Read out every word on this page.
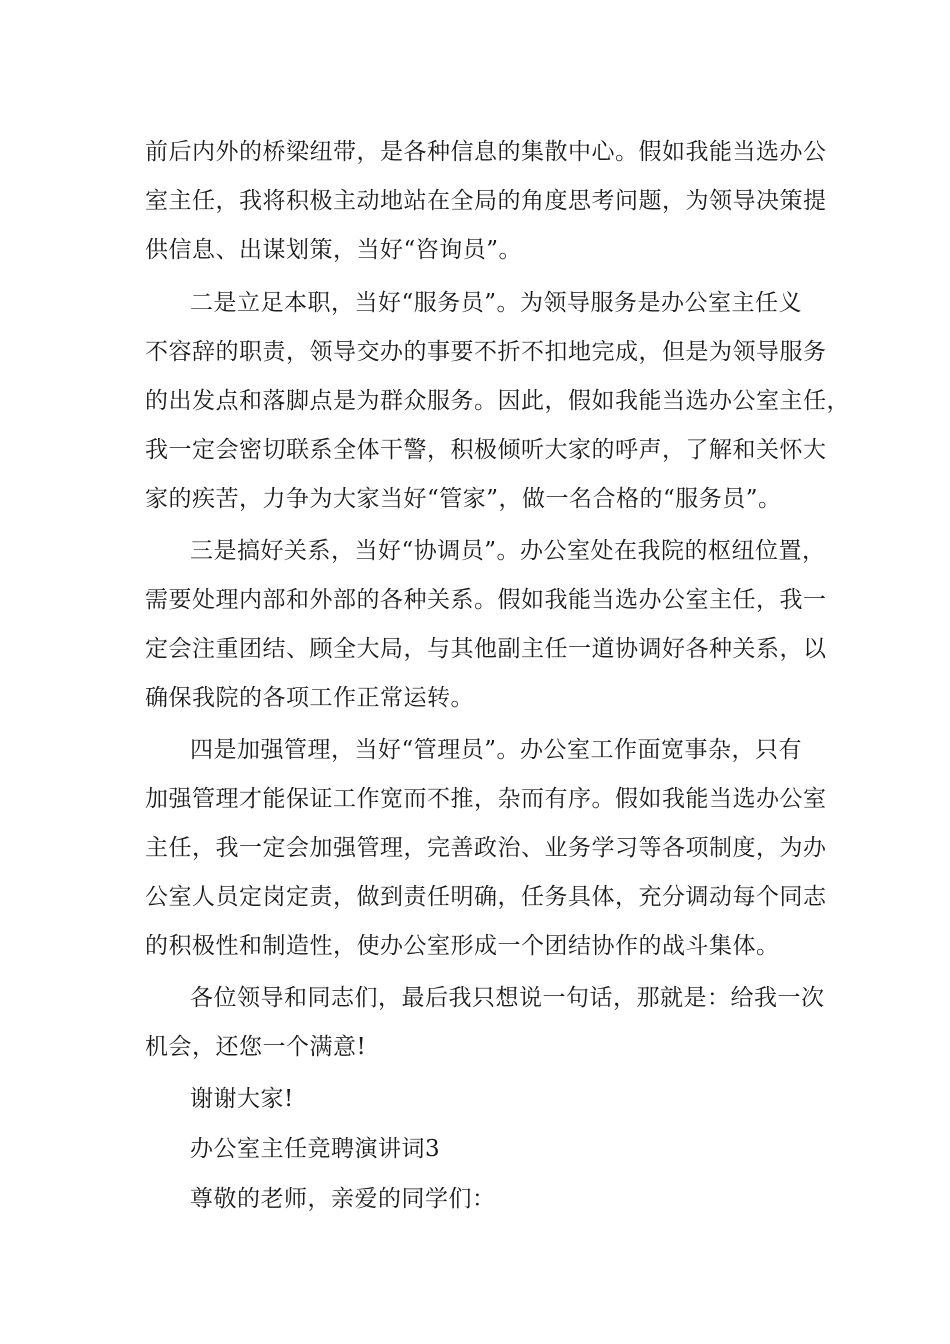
前后内外的桥梁纽带，是各种信息的集散中心。假如我能当选办公
室主任，我将积极主动地站在全局的角度思考问题，为领导决策提
供信息、出谋划策，当好“咨询员”。
二是立足本职，当好“服务员”。为领导服务是办公室主任义
不容辞的职责，领导交办的事要不折不扣地完成，但是为领导服务
的出发点和落脚点是为群众服务。因此，假如我能当选办公室主任，
我一定会密切联系全体干警，积极倾听大家的呼声，了解和关怀大
家的疾苦，力争为大家当好“管家”，做一名合格的“服务员”。
三是搞好关系，当好“协调员”。办公室处在我院的枢纽位置，
需要处理内部和外部的各种关系。假如我能当选办公室主任，我一
定会注重团结、顾全大局，与其他副主任一道协调好各种关系，以
确保我院的各项工作正常运转。
四是加强管理，当好“管理员”。办公室工作面宽事杂，只有
加强管理才能保证工作宽而不推，杂而有序。假如我能当选办公室
主任，我一定会加强管理，完善政治、业务学习等各项制度，为办
公室人员定岗定责，做到责任明确，任务具体，充分调动每个同志
的积极性和制造性，使办公室形成一个团结协作的战斗集体。
各位领导和同志们，最后我只想说一句话，那就是：给我一次
机会，还您一个满意!
谢谢大家!
办公室主任竞聘演讲词3
尊敬的老师，亲爱的同学们：
